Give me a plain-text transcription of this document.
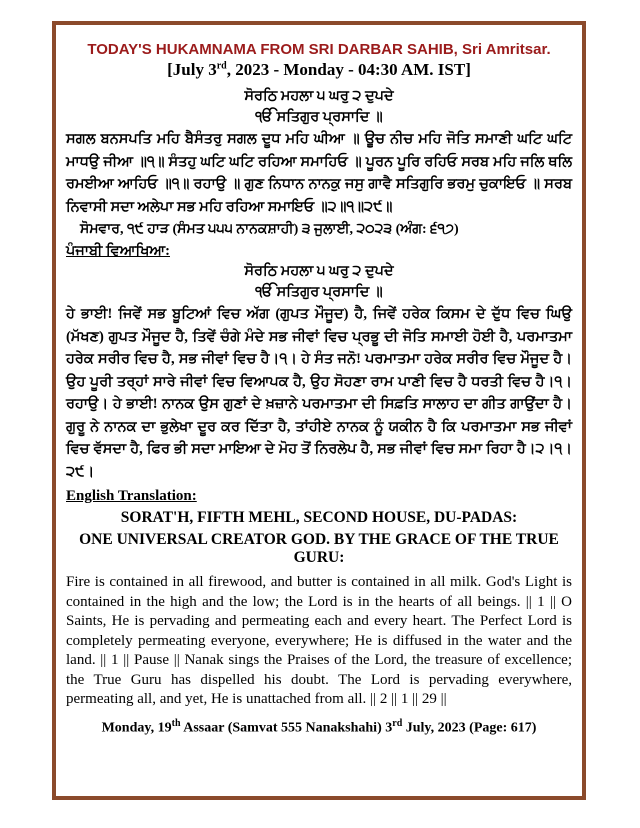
TODAY'S HUKAMNAMA FROM SRI DARBAR SAHIB, Sri Amritsar.
[July 3rd, 2023 - Monday - 04:30 AM. IST]
ਸੋਰਠਿ ਮਹਲਾ ੫ ਘਰੁ ੨ ਦੁਪਦੇ
ੴ ਸਤਿਗੁਰ ਪ੍ਰਸਾਦਿ ॥
ਸਗਲ ਬਨਸਪਤਿ ਮਹਿ ਬੈਸੰਤਰੁ ਸਗਲ ਦੂਧ ਮਹਿ ਘੀਆ ॥ ਊਚ ਨੀਚ ਮਹਿ ਜੋਤਿ ਸਮਾਣੀ ਘਟਿ ਘਟਿ ਮਾਧਉ ਜੀਆ ॥੧॥ ਸੰਤਹੁ ਘਟਿ ਘਟਿ ਰਹਿਆ ਸਮਾਹਿਓ ॥ ਪੂਰਨ ਪੂਰਿ ਰਹਿਓ ਸਰਬ ਮਹਿ ਜਲਿ ਥਲਿ ਰਮਈਆ ਆਹਿਓ ॥੧॥ ਰਹਾਉ ॥ ਗੁਣ ਨਿਧਾਨ ਨਾਨਕੁ ਜਸੁ ਗਾਵੈ ਸਤਿਗੁਰਿ ਭਰਮੁ ਚੁਕਾਇਓ ॥ ਸਰਬ ਨਿਵਾਸੀ ਸਦਾ ਅਲੇਪਾ ਸਭ ਮਹਿ ਰਹਿਆ ਸਮਾਇਓ ॥੨॥੧॥੨੯॥
ਸੋਮਵਾਰ, ੧੯ ਹਾੜ (ਸੰਮਤ ੫੫੫ ਨਾਨਕਸ਼ਾਹੀ) ੩ ਜੁਲਾਈ, ੨੦੨੩ (ਅੰਗ: ੬੧੭)
ਪੰਜਾਬੀ ਵਿਆਖਿਆ:
ਸੋਰਠਿ ਮਹਲਾ ੫ ਘਰੁ ੨ ਦੁਪਦੇ
ੴ ਸਤਿਗੁਰ ਪ੍ਰਸਾਦਿ ॥
ਹੇ ਭਾਈ! ਜਿਵੇਂ ਸਭ ਬੂਟਿਆਂ ਵਿਚ ਅੱਗ (ਗੁਪਤ ਮੌਜੂਦ) ਹੈ, ਜਿਵੇਂ ਹਰੇਕ ਕਿਸਮ ਦੇ ਦੁੱਧ ਵਿਚ ਘਿਉ (ਮੱਖਣ) ਗੁਪਤ ਮੌਜੂਦ ਹੈ, ਤਿਵੇਂ ਚੰਗੇ ਮੰਦੇ ਸਭ ਜੀਵਾਂ ਵਿਚ ਪ੍ਰਭੂ ਦੀ ਜੋਤਿ ਸਮਾਈ ਹੋਈ ਹੈ, ਪਰਮਾਤਮਾ ਹਰੇਕ ਸਰੀਰ ਵਿਚ ਹੈ, ਸਭ ਜੀਵਾਂ ਵਿਚ ਹੈ।੧। ਹੇ ਸੰਤ ਜਨੋ! ਪਰਮਾਤਮਾ ਹਰੇਕ ਸਰੀਰ ਵਿਚ ਮੌਜੂਦ ਹੈ। ਉਹ ਪੂਰੀ ਤਰ੍ਹਾਂ ਸਾਰੇ ਜੀਵਾਂ ਵਿਚ ਵਿਆਪਕ ਹੈ, ਉਹ ਸੋਹਣਾ ਰਾਮ ਪਾਣੀ ਵਿਚ ਹੈ ਧਰਤੀ ਵਿਚ ਹੈ।੧।ਰਹਾਉ। ਹੇ ਭਾਈ! ਨਾਨਕ ਉਸ ਗੁਣਾਂ ਦੇ ਖ਼ਜ਼ਾਨੇ ਪਰਮਾਤਮਾ ਦੀ ਸਿਫ਼ਤਿ ਸਾਲਾਹ ਦਾ ਗੀਤ ਗਾਉਂਦਾ ਹੈ। ਗੁਰੂ ਨੇ ਨਾਨਕ ਦਾ ਭੁਲੇਖਾ ਦੂਰ ਕਰ ਦਿੱਤਾ ਹੈ, ਤਾਂਹੀਏ ਨਾਨਕ ਨੂੰ ਯਕੀਨ ਹੈ ਕਿ ਪਰਮਾਤਮਾ ਸਭ ਜੀਵਾਂ ਵਿਚ ਵੱਸਦਾ ਹੈ, ਫਿਰ ਭੀ ਸਦਾ ਮਾਇਆ ਦੇ ਮੋਹ ਤੋਂ ਨਿਰਲੇਪ ਹੈ, ਸਭ ਜੀਵਾਂ ਵਿਚ ਸਮਾ ਰਿਹਾ ਹੈ।੨।੧।੨੯।
English Translation:
SORAT'H, FIFTH MEHL, SECOND HOUSE, DU-PADAS:
ONE UNIVERSAL CREATOR GOD. BY THE GRACE OF THE TRUE GURU:
Fire is contained in all firewood, and butter is contained in all milk. God's Light is contained in the high and the low; the Lord is in the hearts of all beings. || 1 || O Saints, He is pervading and permeating each and every heart. The Perfect Lord is completely permeating everyone, everywhere; He is diffused in the water and the land. || 1 || Pause || Nanak sings the Praises of the Lord, the treasure of excellence; the True Guru has dispelled his doubt. The Lord is pervading everywhere, permeating all, and yet, He is unattached from all. || 2 || 1 || 29 ||
Monday, 19th Assaar (Samvat 555 Nanakshahi) 3rd July, 2023 (Page: 617)
